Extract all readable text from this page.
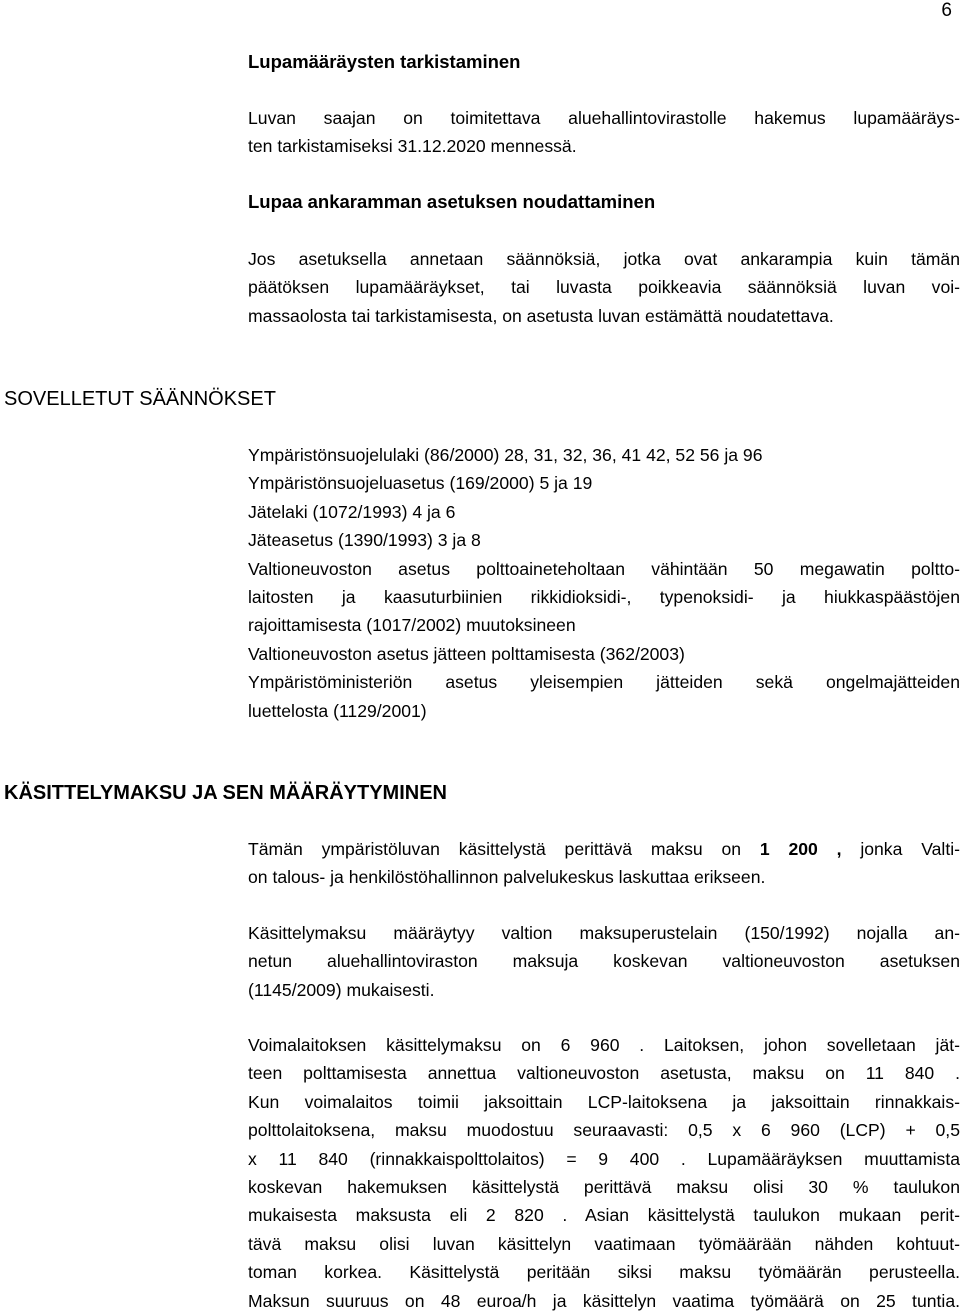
6
Lupamääräysten tarkistaminen
Luvan saajan on toimitettava aluehallintovirastolle hakemus lupamääräys-
ten tarkistamiseksi 31.12.2020 mennessä.
Lupaa ankaramman asetuksen noudattaminen
Jos asetuksella annetaan säännöksiä, jotka ovat ankarampia kuin tämän
päätöksen lupamääräykset, tai luvasta poikkeavia säännöksiä luvan voi-
massaolosta tai tarkistamisesta, on asetusta luvan estämättä noudatettava.
SOVELLETUT SÄÄNNÖKSET
Ympäristönsuojelulaki (86/2000) 28, 31, 32, 36, 41 42, 52 56 ja 96
Ympäristönsuojeluasetus (169/2000) 5 ja 19
Jätelaki (1072/1993) 4 ja 6
Jäteasetus (1390/1993) 3 ja 8
Valtioneuvoston asetus polttoaineteholtaan vähintään 50 megawatin poltto-
laitosten ja kaasuturbiinien rikkidioksidi-, typenoksidi- ja hiukkaspäästöjen
rajoittamisesta (1017/2002) muutoksineen
Valtioneuvoston asetus jätteen polttamisesta (362/2003)
Ympäristöministeriön asetus yleisempien jätteiden sekä ongelmajätteiden
luettelosta (1129/2001)
KÄSITTELYMAKSU JA SEN MÄÄRÄYTYMINEN
Tämän ympäristöluvan käsittelystä perittävä maksu on 1 200 , jonka Valti-
on talous- ja henkilöstöhallinnon palvelukeskus laskuttaa erikseen.
Käsittelymaksu määräytyy valtion maksuperustelain (150/1992) nojalla an-
netun aluehallintoviraston maksuja koskevan valtioneuvoston asetuksen
(1145/2009) mukaisesti.
Voimalaitoksen käsittelymaksu on 6 960 . Laitoksen, johon sovelletaan jät-
teen polttamisesta annettua valtioneuvoston asetusta, maksu on 11 840 .
Kun voimalaitos toimii jaksoittain LCP-laitoksena ja jaksoittain rinnakkais-
polttolaitoksena, maksu muodostuu seuraavasti: 0,5 x 6 960 (LCP) + 0,5
x 11 840 (rinnakkaispolttolaitos) = 9 400 . Lupamääräyksen muuttamista
koskevan hakemuksen käsittelystä perittävä maksu olisi 30 % taulukon
mukaisesta maksusta eli 2 820 . Asian käsittelystä taulukon mukaan perit-
tävä maksu olisi luvan käsittelyn vaatimaan työmäärään nähden kohtuut-
toman korkea. Käsittelystä peritään siksi maksu työmäärän perusteella.
Maksun suuruus on 48 euroa/h ja käsittelyn vaatima työmäärä on 25 tuntia.
